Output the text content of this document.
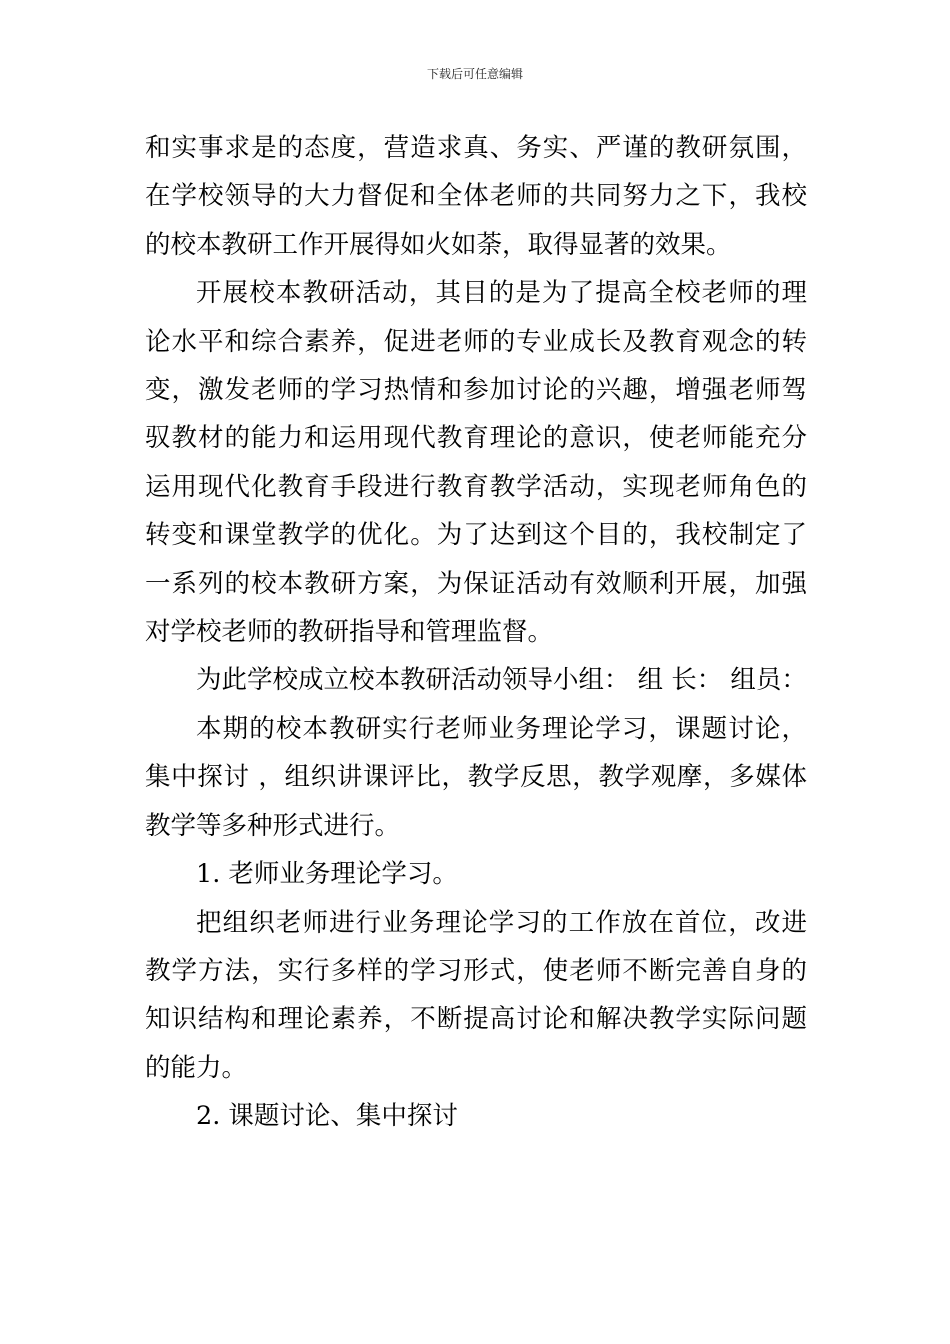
下载后可任意编辑

和实事求是的态度，营造求真、务实、严谨的教研氛围，在学校领导的大力督促和全体老师的共同努力之下，我校的校本教研工作开展得如火如荼，取得显著的效果。

开展校本教研活动，其目的是为了提高全校老师的理论水平和综合素养，促进老师的专业成长及教育观念的转变，激发老师的学习热情和参加讨论的兴趣，增强老师驾驭教材的能力和运用现代教育理论的意识，使老师能充分运用现代化教育手段进行教育教学活动，实现老师角色的转变和课堂教学的优化。为了达到这个目的，我校制定了一系列的校本教研方案，为保证活动有效顺利开展，加强对学校老师的教研指导和管理监督。

为此学校成立校本教研活动领导小组： 组 长： 组员：

本期的校本教研实行老师业务理论学习，课题讨论，集中探讨 ，组织讲课评比，教学反思，教学观摩，多媒体教学等多种形式进行。

1. 老师业务理论学习。

把组织老师进行业务理论学习的工作放在首位，改进教学方法，实行多样的学习形式，使老师不断完善自身的知识结构和理论素养，不断提高讨论和解决教学实际问题的能力。

2. 课题讨论、集中探讨
